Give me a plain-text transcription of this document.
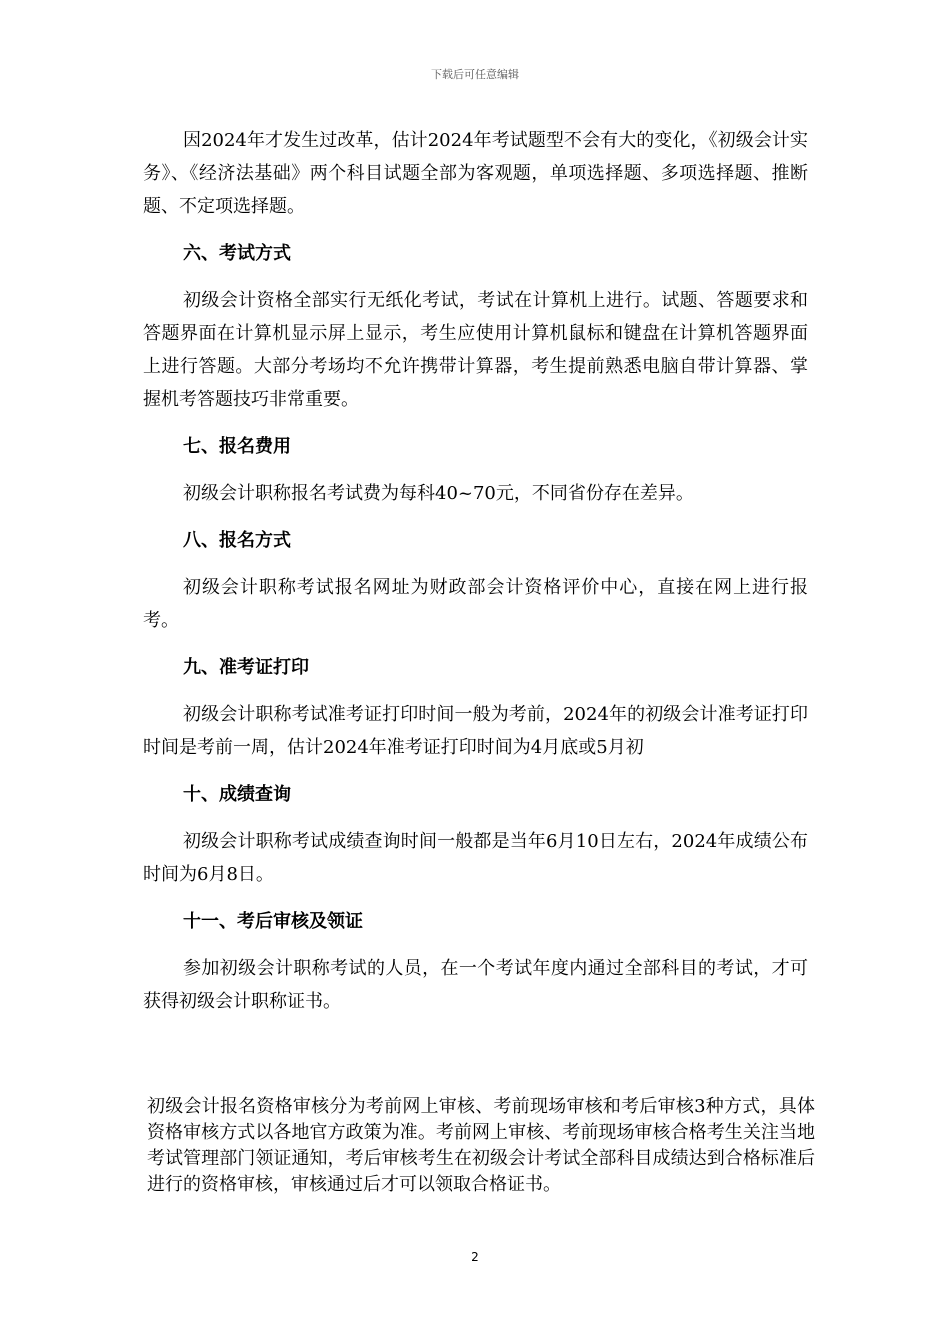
下载后可任意编辑

因2024年才发生过改革，估计2024年考试题型不会有大的变化，《初级会计实务》、《经济法基础》两个科目试题全部为客观题，单项选择题、多项选择题、推断题、不定项选择题。

六、考试方式

初级会计资格全部实行无纸化考试，考试在计算机上进行。试题、答题要求和答题界面在计算机显示屏上显示，考生应使用计算机鼠标和键盘在计算机答题界面上进行答题。大部分考场均不允许携带计算器，考生提前熟悉电脑自带计算器、掌握机考答题技巧非常重要。

七、报名费用

初级会计职称报名考试费为每科40~70元，不同省份存在差异。

八、报名方式

初级会计职称考试报名网址为财政部会计资格评价中心，直接在网上进行报考。

九、准考证打印

初级会计职称考试准考证打印时间一般为考前，2024年的初级会计准考证打印时间是考前一周，估计2024年准考证打印时间为4月底或5月初

十、成绩查询

初级会计职称考试成绩查询时间一般都是当年6月10日左右，2024年成绩公布时间为6月8日。

十一、考后审核及领证

参加初级会计职称考试的人员，在一个考试年度内通过全部科目的考试，才可获得初级会计职称证书。

初级会计报名资格审核分为考前网上审核、考前现场审核和考后审核3种方式，具体资格审核方式以各地官方政策为准。考前网上审核、考前现场审核合格考生关注当地考试管理部门领证通知，考后审核考生在初级会计考试全部科目成绩达到合格标准后进行的资格审核，审核通过后才可以领取合格证书。
2
